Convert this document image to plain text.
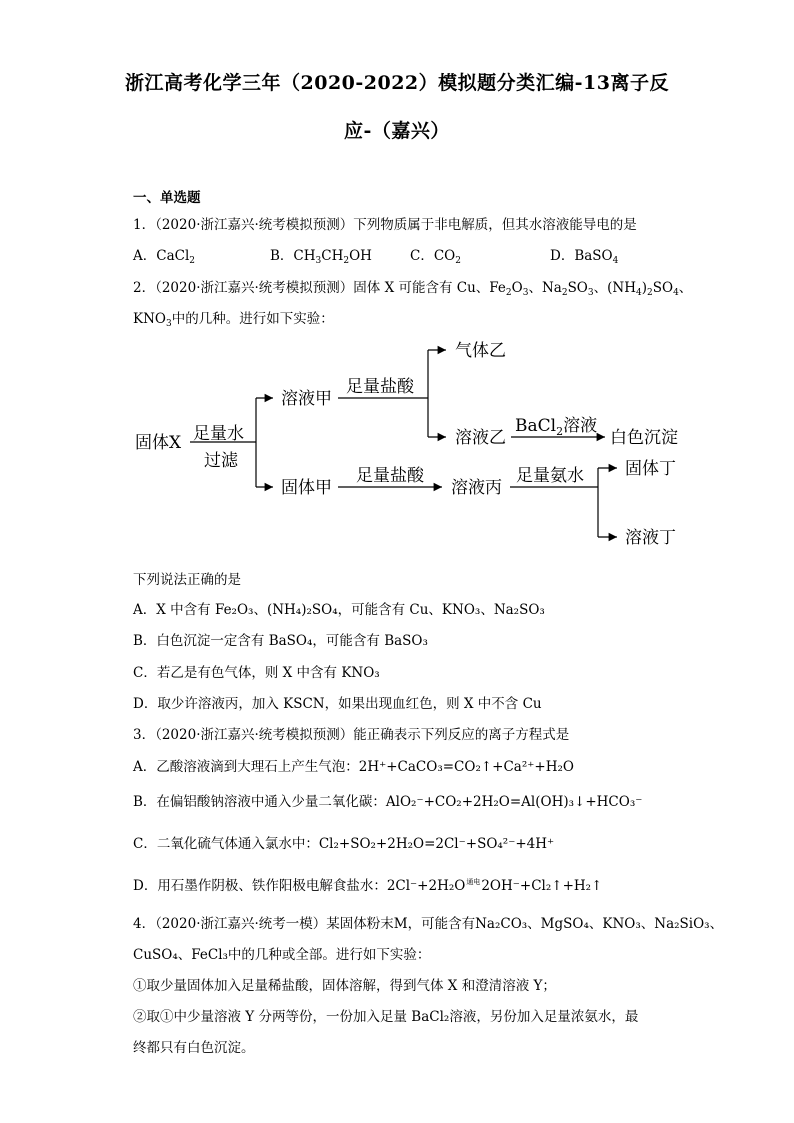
浙江高考化学三年（2020-2022）模拟题分类汇编-13离子反
应-（嘉兴）
一、单选题
1．（2020·浙江嘉兴·统考模拟预测）下列物质属于非电解质，但其水溶液能导电的是
A．CaCl$_2$	B．$CH_3CH_2OH$	C．$CO_2$	D．BaSO$_4$
2．（2020·浙江嘉兴·统考模拟预测）固体 X 可能含有 Cu、$Fe_2O_3$、$Na_2SO_3$、$(NH_4)_2SO_4$、
$KNO_3$中的几种。进行如下实验：
固体X 足量水
过滤
溶液甲
固体甲
足量盐酸
足量盐酸
气体乙
溶液乙
BaCl$_2$溶液
白色沉淀
溶液丙
足量氨水 固体丁
溶液丁
下列说法正确的是
A．X 中含有 Fe₂O₃、(NH₄)₂SO₄，可能含有 Cu、KNO₃、Na₂SO₃
B．白色沉淀一定含有 BaSO₄，可能含有 BaSO₃
C．若乙是有色气体，则 X 中含有 KNO₃
D．取少许溶液丙，加入 KSCN，如果出现血红色，则 X 中不含 Cu
3．（2020·浙江嘉兴·统考模拟预测）能正确表示下列反应的离子方程式是
A．乙酸溶液滴到大理石上产生气泡：2H⁺+CaCO₃=CO₂↑+Ca²⁺+H₂O
B．在偏铝酸钠溶液中通入少量二氧化碳：AlO₂⁻+CO₂+2H₂O=Al(OH)₃↓+HCO₃⁻
C．二氧化硫气体通入氯水中：Cl₂+SO₂+2H₂O=2Cl⁻+SO₄²⁻+4H⁺
D．用石墨作阴极、铁作阳极电解食盐水：$2Cl^-+2H_2O^{通电}2OH^-+Cl_2↑+H_2↑$
4．（2020·浙江嘉兴·统考一模）某固体粉末M，可能含有Na₂CO₃、MgSO₄、KNO₃、Na₂SiO₃、
CuSO₄、FeCl₃中的几种或全部。进行如下实验：
①取少量固体加入足量稀盐酸，固体溶解，得到气体 X 和澄清溶液 Y；
②取①中少量溶液 Y 分两等份，一份加入足量 BaCl₂溶液，另份加入足量浓氨水，最
终都只有白色沉淀。
